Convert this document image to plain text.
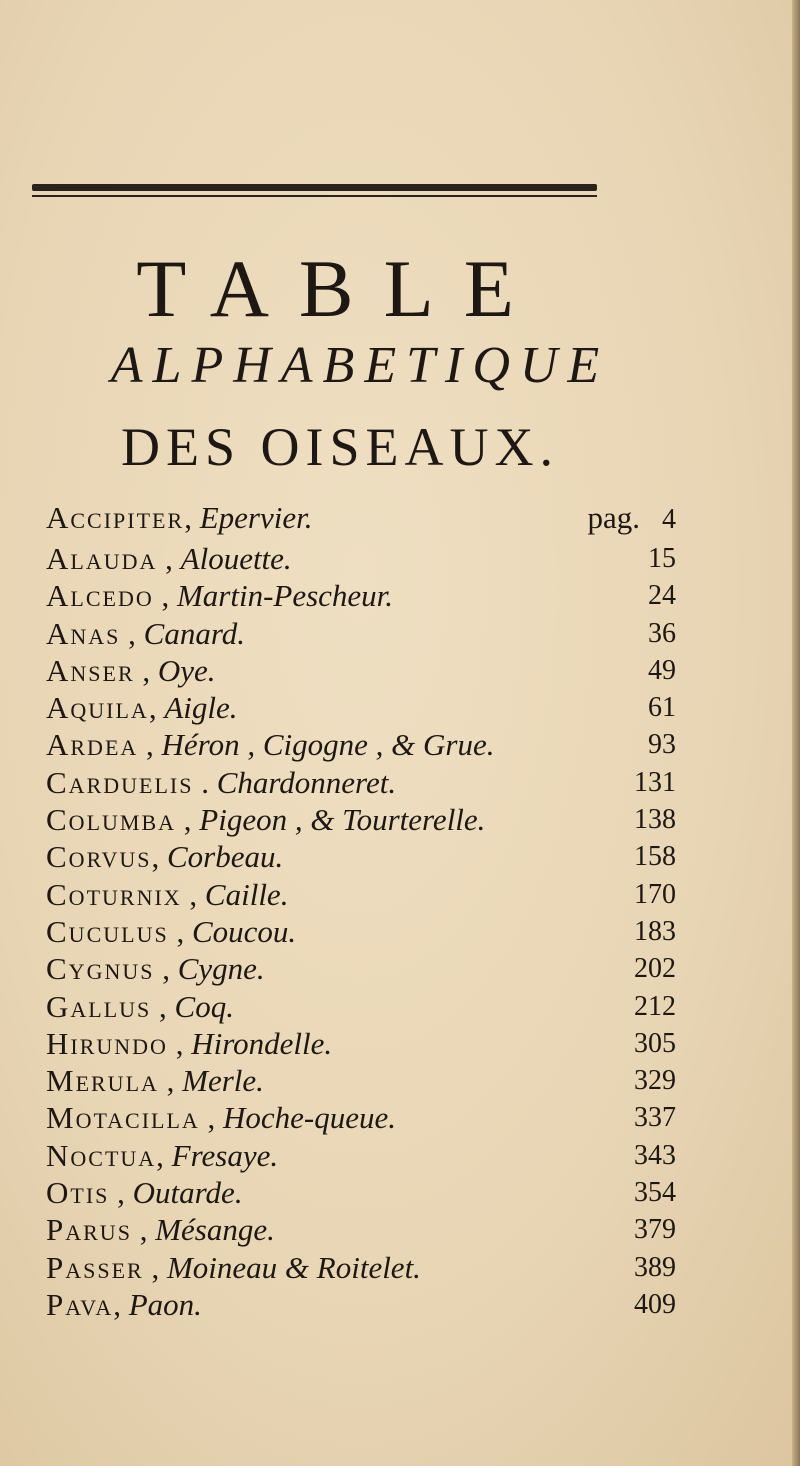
TABLE
ALPHABETIQUE
DES OISEAUX.
Accipiter, Epervier.	pag. 4
Alauda , Alouette.	15
Alcedo , Martin-Pescheur.	24
Anas , Canard.	36
Anser , Oye.	49
Aquila, Aigle.	61
Ardea , Héron , Cigogne , & Grue.	93
Carduelis . Chardonneret.	131
Columba , Pigeon , & Tourterelle.	138
Corvus, Corbeau.	158
Coturnix , Caille.	170
Cuculus , Coucou.	183
Cygnus , Cygne.	202
Gallus , Coq.	212
Hirundo , Hirondelle.	305
Merula , Merle.	329
Motacilla , Hoche-queue.	337
Noctua, Fresaye.	343
Otis , Outarde.	354
Parus , Mésange.	379
Passer , Moineau & Roitelet.	389
Pava, Paon.	409
